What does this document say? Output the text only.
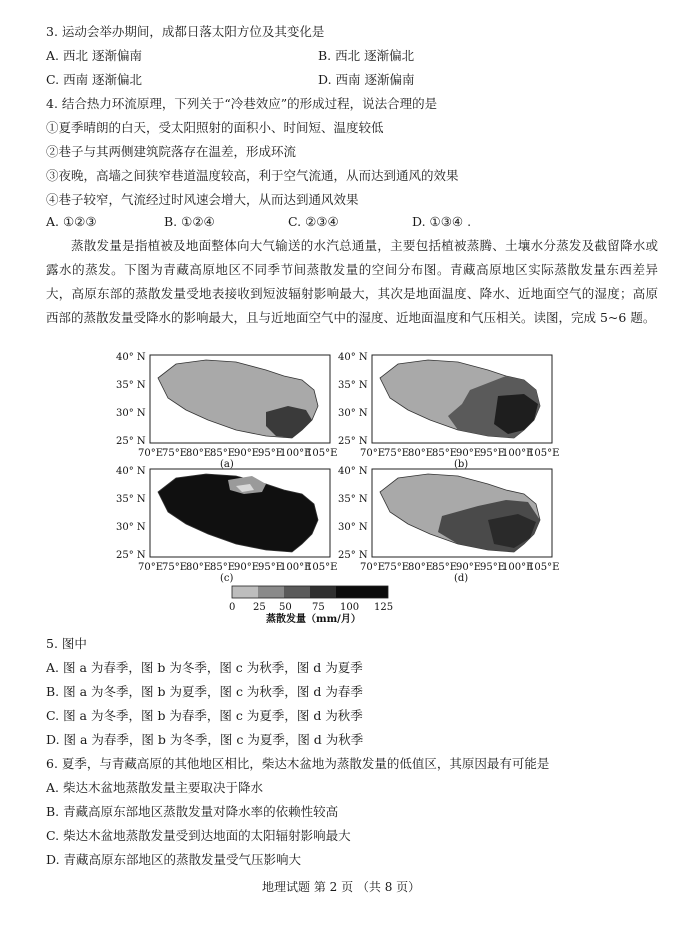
3. 运动会举办期间，成都日落太阳方位及其变化是
A. 西北 逐渐偏南	B. 西北 逐渐偏北
C. 西南 逐渐偏北	D. 西南 逐渐偏南
4. 结合热力环流原理，下列关于“冷巷效应”的形成过程，说法合理的是
①夏季晴朗的白天，受太阳照射的面积小、时间短、温度较低
②巷子与其两侧建筑院落存在温差，形成环流
③夜晚，高墙之间狭窄巷道温度较高，利于空气流通，从而达到通风的效果
④巷子较窄，气流经过时风速会增大，从而达到通风效果
A. ①②③	B. ①②④	C. ②③④	D. ①③④ .
蒸散发量是指植被及地面整体向大气输送的水汽总通量，主要包括植被蒸腾、土壤水分蒸发及截留降水或露水的蒸发。下图为青藏高原地区不同季节间蒸散发量的空间分布图。青藏高原地区实际蒸散发量东西差异大，高原东部的蒸散发量受地表接收到短波辐射影响最大，其次是地面温度、降水、近地面空气的湿度；高原西部的蒸散发量受降水的影响最大，且与近地面空气中的湿度、近地面温度和气压相关。读图，完成 5~6 题。
40° N
35° N
30° N
25° N
70°E
75°E
80°E
85°E
90°E
95°E
100°E
105°E
(a)
40° N
35° N
30° N
25° N
70°E
75°E
80°E
85°E
90°E
95°E
100°E
105°E
(b)
40° N
35° N
30° N
25° N
70°E
75°E
80°E
85°E
90°E
95°E
100°E
105°E
(c)
40° N
35° N
30° N
25° N
70°E
75°E
80°E
85°E
90°E
95°E
100°E
105°E
(d)
0 25 50 75 100 125
蒸散发量（mm/月）
5. 图中
A. 图 a 为春季，图 b 为冬季，图 c 为秋季，图 d 为夏季
B. 图 a 为冬季，图 b 为夏季，图 c 为秋季，图 d 为春季
C. 图 a 为冬季，图 b 为春季，图 c 为夏季，图 d 为秋季
D. 图 a 为春季，图 b 为冬季，图 c 为夏季，图 d 为秋季
6. 夏季，与青藏高原的其他地区相比，柴达木盆地为蒸散发量的低值区，其原因最有可能是
A. 柴达木盆地蒸散发量主要取决于降水
B. 青藏高原东部地区蒸散发量对降水率的依赖性较高
C. 柴达木盆地蒸散发量受到达地面的太阳辐射影响最大
D. 青藏高原东部地区的蒸散发量受气压影响大
地理试题 第 2 页 （共 8 页）
